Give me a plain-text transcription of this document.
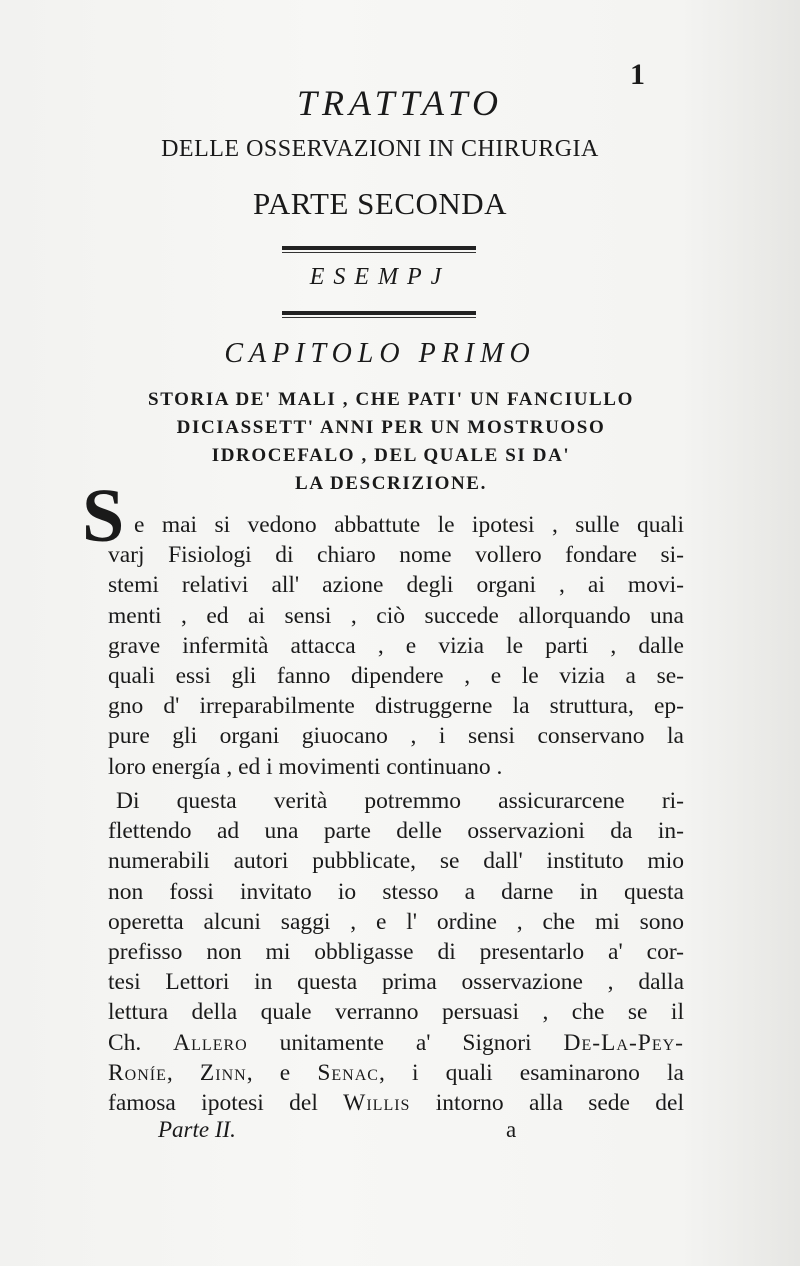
1
TRATTATO
DELLE OSSERVAZIONI IN CHIRURGIA
PARTE SECONDA
ESEMPJ
CAPITOLO PRIMO
STORIA DE' MALI , CHE PATI' UN FANCIULLO
DICIASSETT' ANNI PER UN MOSTRUOSO
IDROCEFALO , DEL QUALE SI DA'
LA DESCRIZIONE.
S e mai si vedono abbattute le ipotesi , sulle quali
varj Fisiologi di chiaro nome vollero fondare si-
stemi relativi all' azione degli organi , ai movi-
menti , ed ai sensi , ciò succede allorquando una
grave infermità attacca , e vizia le parti , dalle
quali essi gli fanno dipendere , e le vizia a se-
gno d' irreparabilmente distruggerne la struttura, ep-
pure gli organi giuocano , i sensi conservano la
loro energía , ed i movimenti continuano .
Di questa verità potremmo assicurarcene ri-
flettendo ad una parte delle osservazioni da in-
numerabili autori pubblicate, se dall' instituto mio
non fossi invitato io stesso a darne in questa
operetta alcuni saggi , e l' ordine , che mi sono
prefisso non mi obbligasse di presentarlo a' cor-
tesi Lettori in questa prima osservazione , dalla
lettura della quale verranno persuasi , che se il
Ch. Allero unitamente a' Signori De-La-Pey-
Roníe, Zinn, e Senac, i quali esaminarono la
famosa ipotesi del Willis intorno alla sede del
Parte II.	a
